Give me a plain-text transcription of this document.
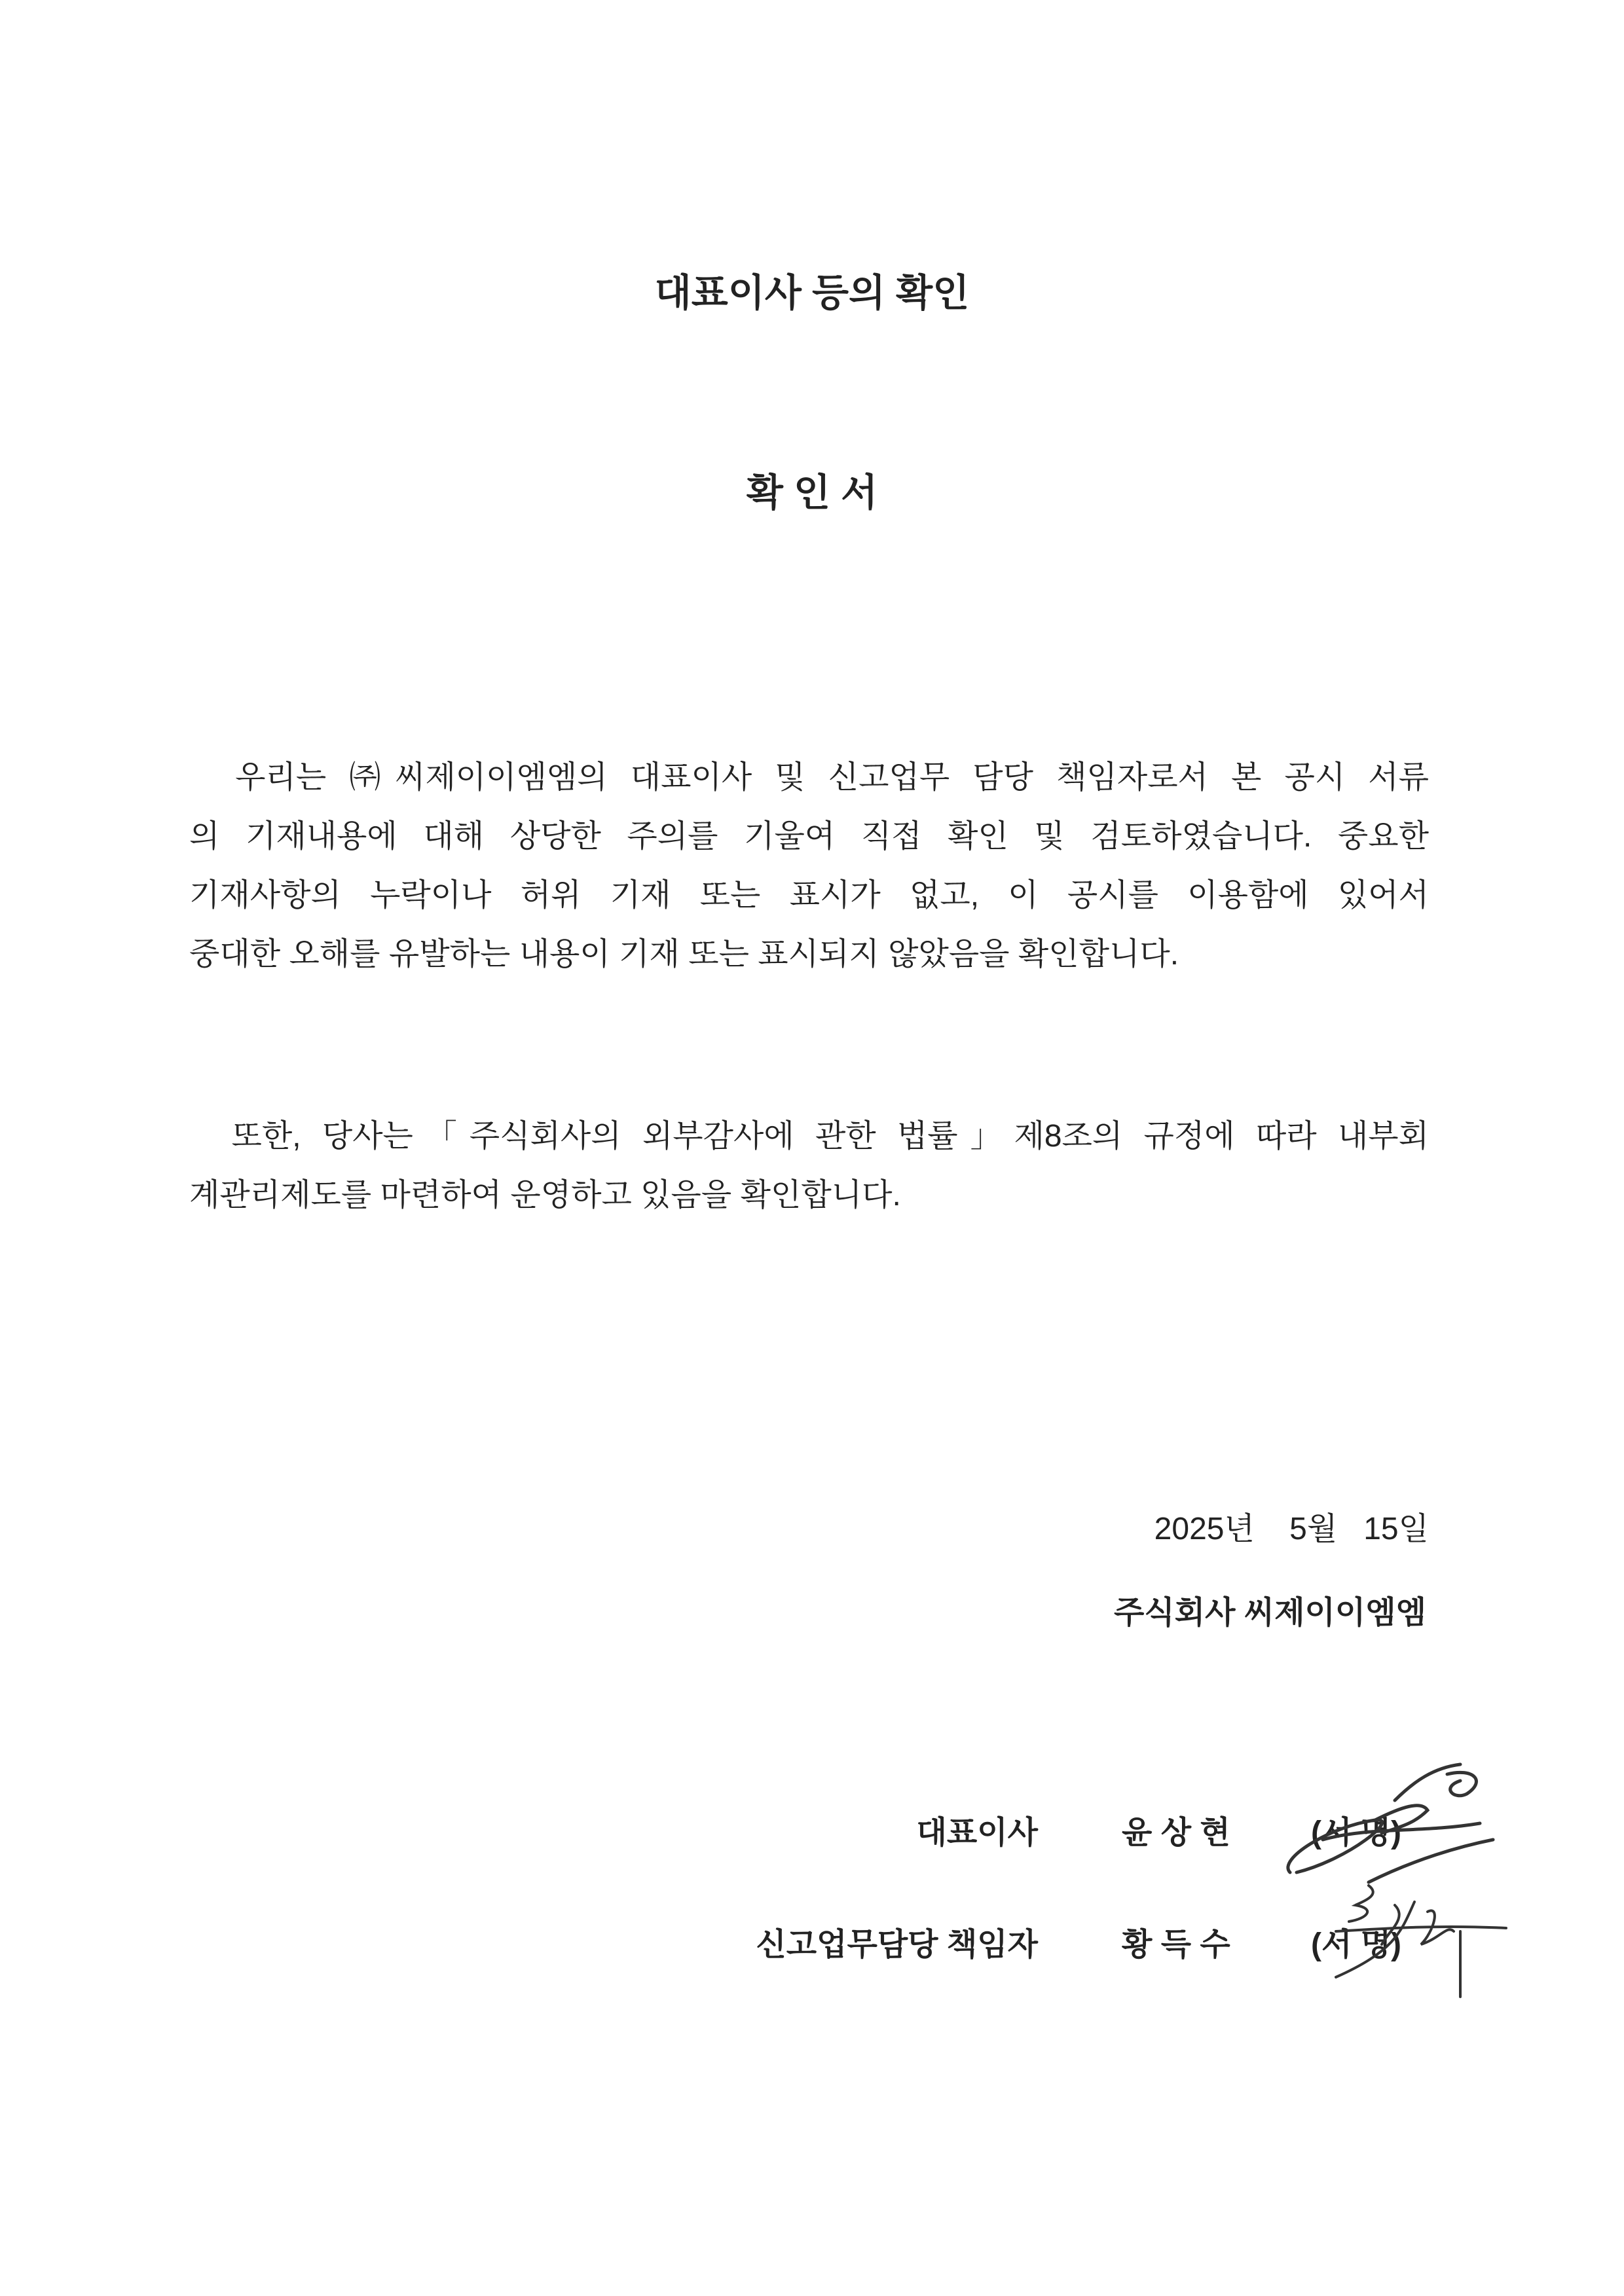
대표이사 등의 확인
확 인 서
우리는 ㈜씨제이이엠엠의 대표이사 및 신고업무 담당 책임자로서 본 공시 서류
의 기재내용에 대해 상당한 주의를 기울여 직접 확인 및 검토하였습니다. 중요한
기재사항의 누락이나 허위 기재 또는 표시가 없고, 이 공시를 이용함에 있어서
중대한 오해를 유발하는 내용이 기재 또는 표시되지 않았음을 확인합니다.
또한, 당사는「주식회사의 외부감사에 관한 법률」제8조의 규정에 따라 내부회
계관리제도를 마련하여 운영하고 있음을 확인합니다.
2025년    5월   15일
주식회사 씨제이이엠엠
대표이사	윤 상 현	(서 명)
신고업무담당 책임자	황 득 수	(서 명)
